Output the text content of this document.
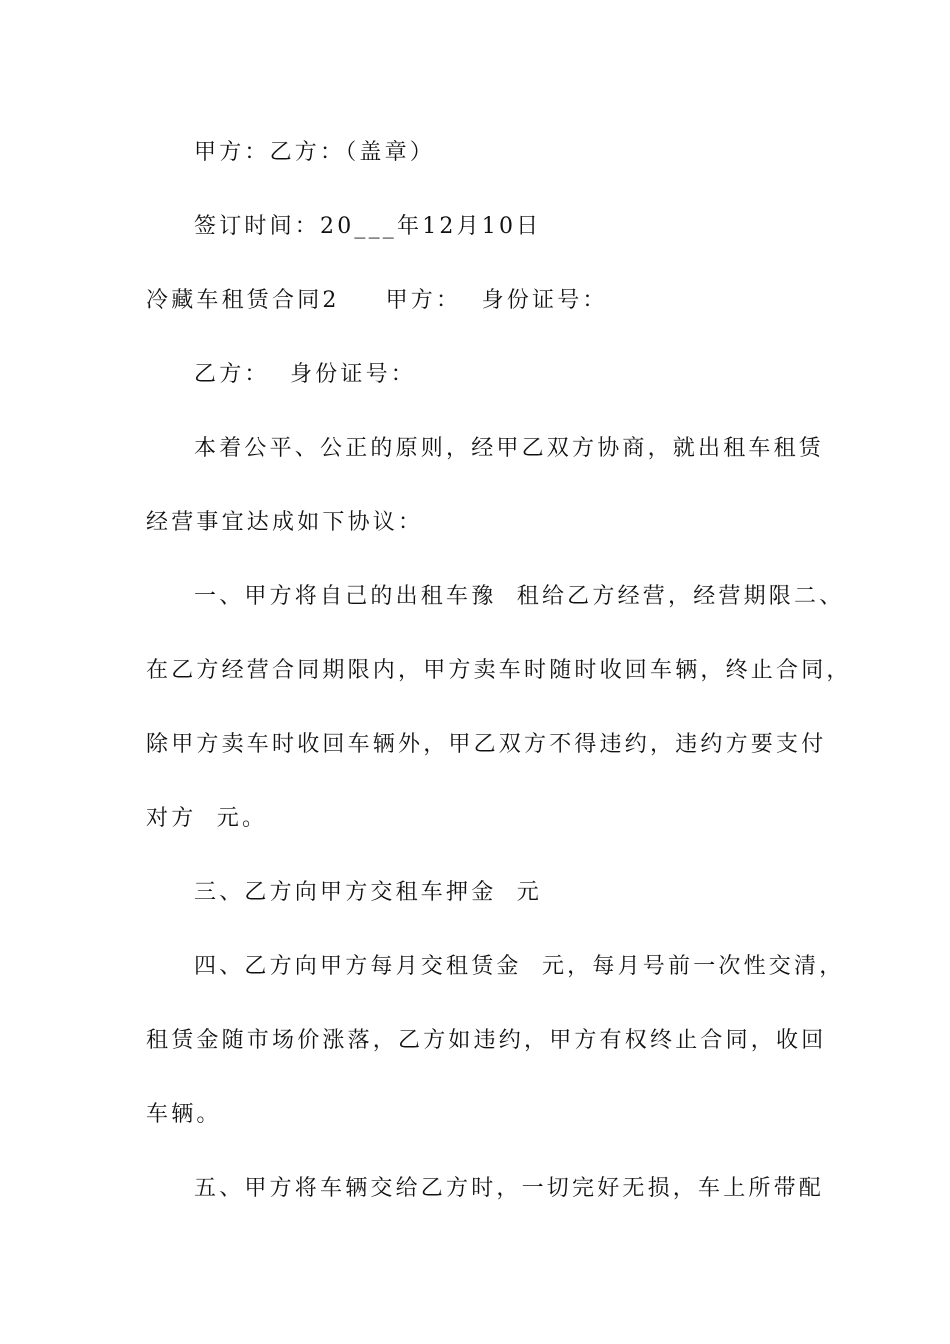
甲方：乙方：（盖章）
签订时间：20___年12月10日
冷藏车租赁合同2 甲方：  身份证号：
乙方：  身份证号：
本着公平、公正的原则，经甲乙双方协商，就出租车租赁
经营事宜达成如下协议：
一、甲方将自己的出租车豫  租给乙方经营，经营期限二、
在乙方经营合同期限内，甲方卖车时随时收回车辆，终止合同，
除甲方卖车时收回车辆外，甲乙双方不得违约，违约方要支付
对方  元。
三、乙方向甲方交租车押金  元
四、乙方向甲方每月交租赁金  元，每月号前一次性交清，
租赁金随市场价涨落，乙方如违约，甲方有权终止合同，收回
车辆。
五、甲方将车辆交给乙方时，一切完好无损，车上所带配
